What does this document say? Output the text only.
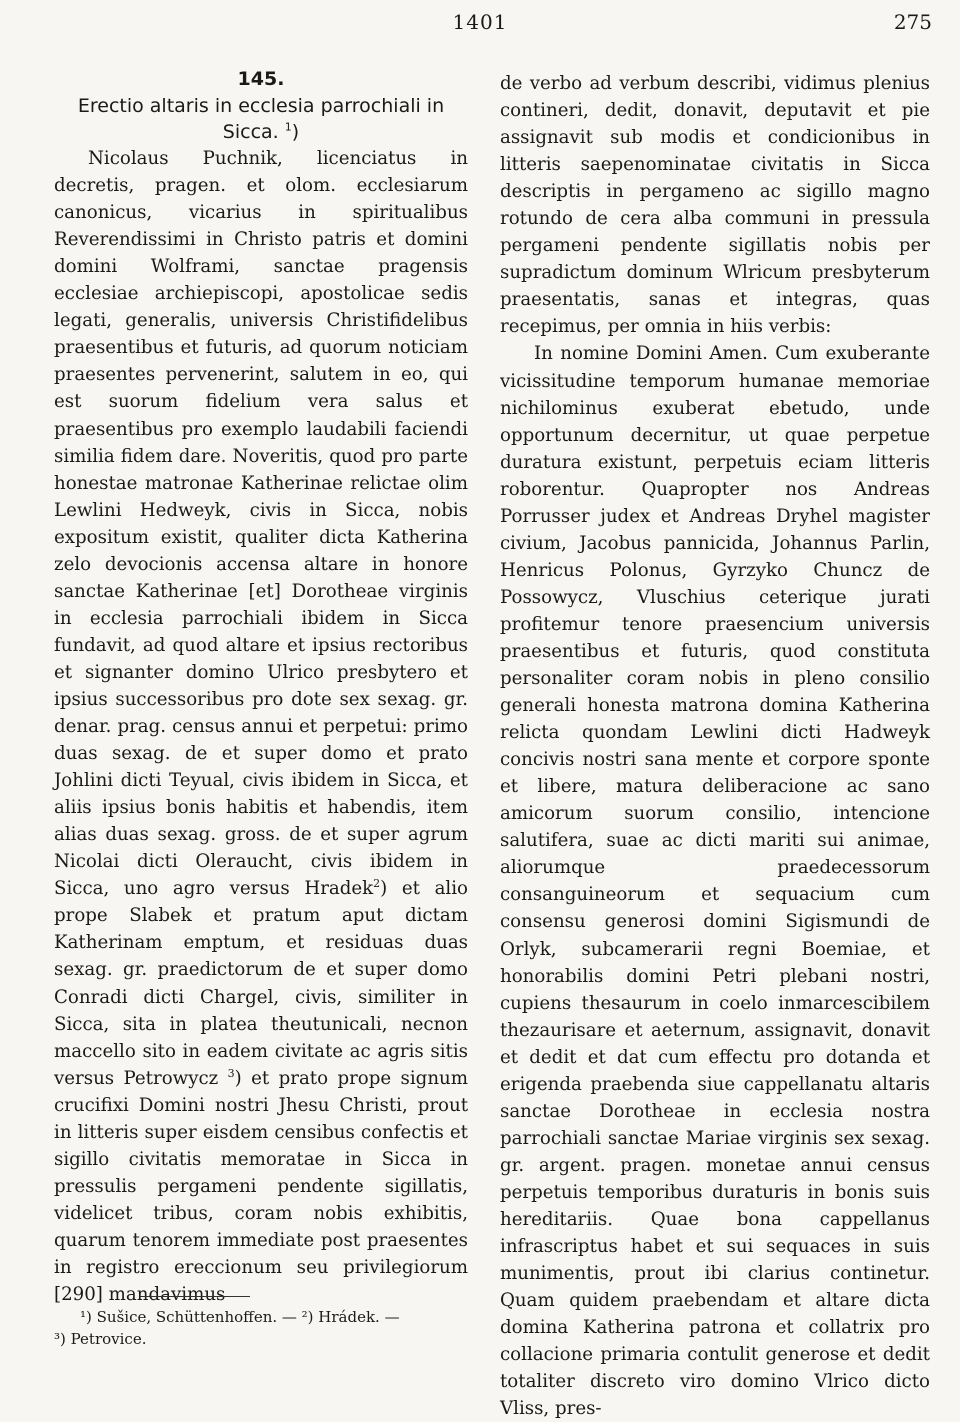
1401	275

145.

Erectio altaris in ecclesia parrochiali in Sicca. $^1$)

Nicolaus Puchnik, licenciatus in decretis, pragen. et olom. ecclesiarum canonicus, vicarius in spiritualibus Reverendissimi in Christo patris et domini domini Wolframi, sanctae pragensis ecclesiae archiepiscopi, apostolicae sedis legati, generalis, universis Christifidelibus praesentibus et futuris, ad quorum noticiam praesentes pervenerint, salutem in eo, qui est suorum fidelium vera salus et praesentibus pro exemplo laudabili faciendi similia fidem dare. Noveritis, quod pro parte honestae matronae Katherinae relictae olim Lewlini Hedweyk, civis in Sicca, nobis expositum existit, qualiter dicta Katherina zelo devocionis accensa altare in honore sanctae Katherinae [et] Dorotheae virginis in ecclesia parrochiali ibidem in Sicca fundavit, ad quod altare et ipsius rectoribus et signanter domino Ulrico presbytero et ipsius successoribus pro dote sex sexag. gr. denar. prag. census annui et perpetui: primo duas sexag. de et super domo et prato Johlini dicti Teyual, civis ibidem in Sicca, et aliis ipsius bonis habitis et habendis, item alias duas sexag. gross. de et super agrum Nicolai dicti Oleraucht, civis ibidem in Sicca, uno agro versus Hradek$^2$) et alio prope Slabek et pratum aput dictam Katherinam emptum, et residuas duas sexag. gr. praedictorum de et super domo Conradi dicti Chargel, civis, similiter in Sicca, sita in platea theutunicali, necnon maccello sito in eadem civitate ac agris sitis versus Petrowycz $^3$) et prato prope signum crucifixi Domini nostri Jhesu Christi, prout in litteris super eisdem censibus confectis et sigillo civitatis memoratae in Sicca in pressulis pergameni pendente sigillatis, videlicet tribus, coram nobis exhibitis, quarum tenorem immediate post praesentes in registro ereccionum seu privilegiorum [290] mandavimus

de verbo ad verbum describi, vidimus plenius contineri, dedit, donavit, deputavit et pie assignavit sub modis et condicionibus in litteris saepenominatae civitatis in Sicca descriptis in pergameno ac sigillo magno rotundo de cera alba communi in pressula pergameni pendente sigillatis nobis per supradictum dominum Wlricum presbyterum praesentatis, sanas et integras, quas recepimus, per omnia in hiis verbis:

In nomine Domini Amen. Cum exuberante vicissitudine temporum humanae memoriae nichilominus exuberat ebetudo, unde opportunum decernitur, ut quae perpetue duratura existunt, perpetuis eciam litteris roborentur. Quapropter nos Andreas Porrusser judex et Andreas Dryhel magister civium, Jacobus pannicida, Johannus Parlin, Henricus Polonus, Gyrzyko Chuncz de Possowycz, Vluschius ceterique jurati profitemur tenore praesencium universis praesentibus et futuris, quod constituta personaliter coram nobis in pleno consilio generali honesta matrona domina Katherina relicta quondam Lewlini dicti Hadweyk concivis nostri sana mente et corpore sponte et libere, matura deliberacione ac sano amicorum suorum consilio, intencione salutifera, suae ac dicti mariti sui animae, aliorumque praedecessorum consanguineorum et sequacium cum consensu generosi domini Sigismundi de Orlyk, subcamerarii regni Boemiae, et honorabilis domini Petri plebani nostri, cupiens thesaurum in coelo inmarcescibilem thezaurisare et aeternum, assignavit, donavit et dedit et dat cum effectu pro dotanda et erigenda praebenda siue cappellanatu altaris sanctae Dorotheae in ecclesia nostra parrochiali sanctae Mariae virginis sex sexag. gr. argent. pragen. monetae annui census perpetuis temporibus duraturis in bonis suis hereditariis. Quae bona cappellanus infrascriptus habet et sui sequaces in suis munimentis, prout ibi clarius continetur. Quam quidem praebendam et altare dicta domina Katherina patrona et collatrix pro collacione primaria contulit generose et dedit totaliter discreto viro domino Vlrico dicto Vliss, pres-

¹) Sušice, Schüttenhoffen. — ²) Hrádek. —

³) Petrovice.
